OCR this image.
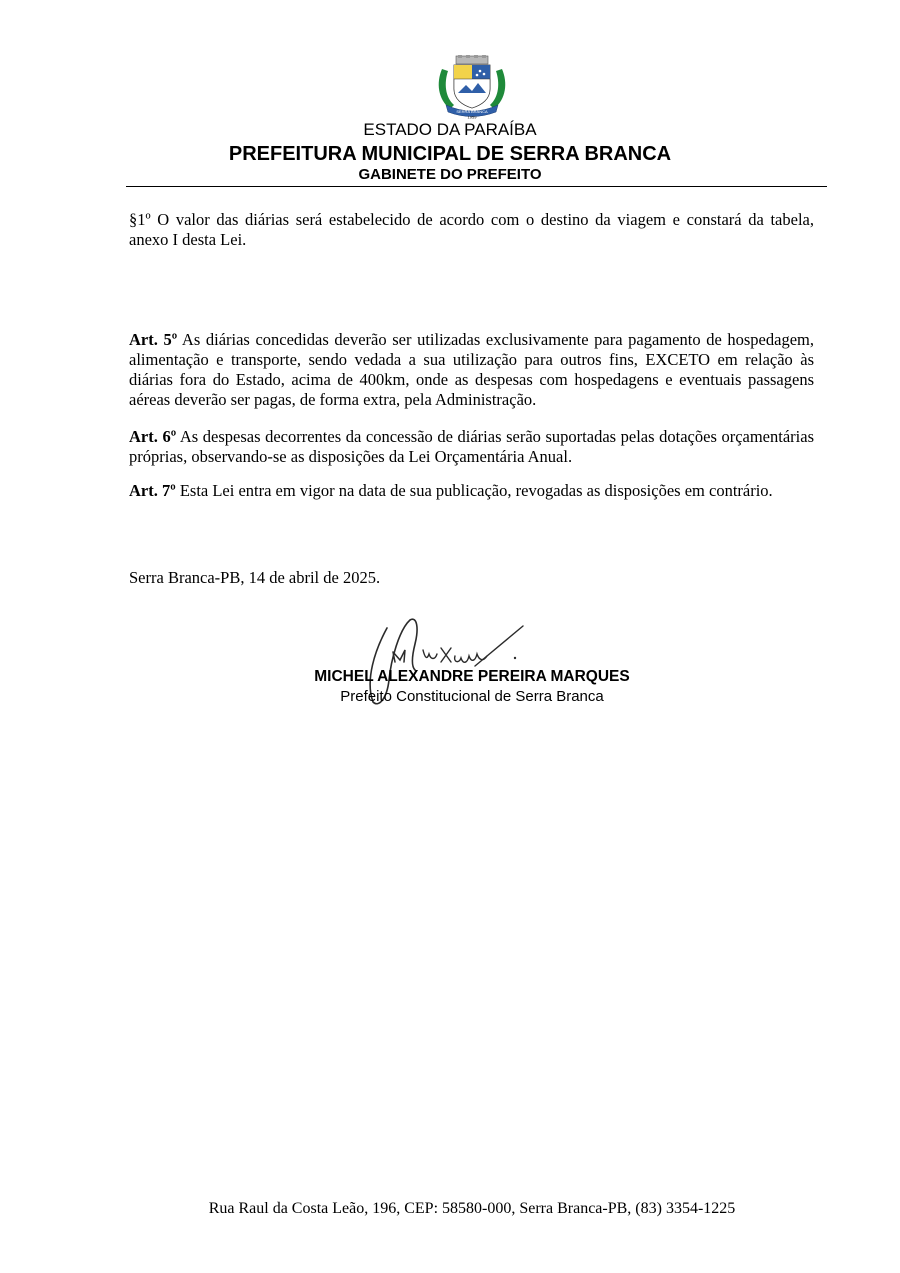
SERRA BRANCA
1959
ESTADO DA PARAÍBA
PREFEITURA MUNICIPAL DE SERRA BRANCA
GABINETE DO PREFEITO

§1º O valor das diárias será estabelecido de acordo com o destino da viagem e constará da tabela, anexo I desta Lei.

Art. 5º As diárias concedidas deverão ser utilizadas exclusivamente para pagamento de hospedagem, alimentação e transporte, sendo vedada a sua utilização para outros fins, EXCETO em relação às diárias fora do Estado, acima de 400km, onde as despesas com hospedagens e eventuais passagens aéreas deverão ser pagas, de forma extra, pela Administração.

Art. 6º As despesas decorrentes da concessão de diárias serão suportadas pelas dotações orçamentárias próprias, observando-se as disposições da Lei Orçamentária Anual.

Art. 7º Esta Lei entra em vigor na data de sua publicação, revogadas as disposições em contrário.

Serra Branca-PB, 14 de abril de 2025.
MICHEL ALEXANDRE PEREIRA MARQUES
Prefeito Constitucional de Serra Branca
Rua Raul da Costa Leão, 196, CEP: 58580-000, Serra Branca-PB, (83) 3354-1225
